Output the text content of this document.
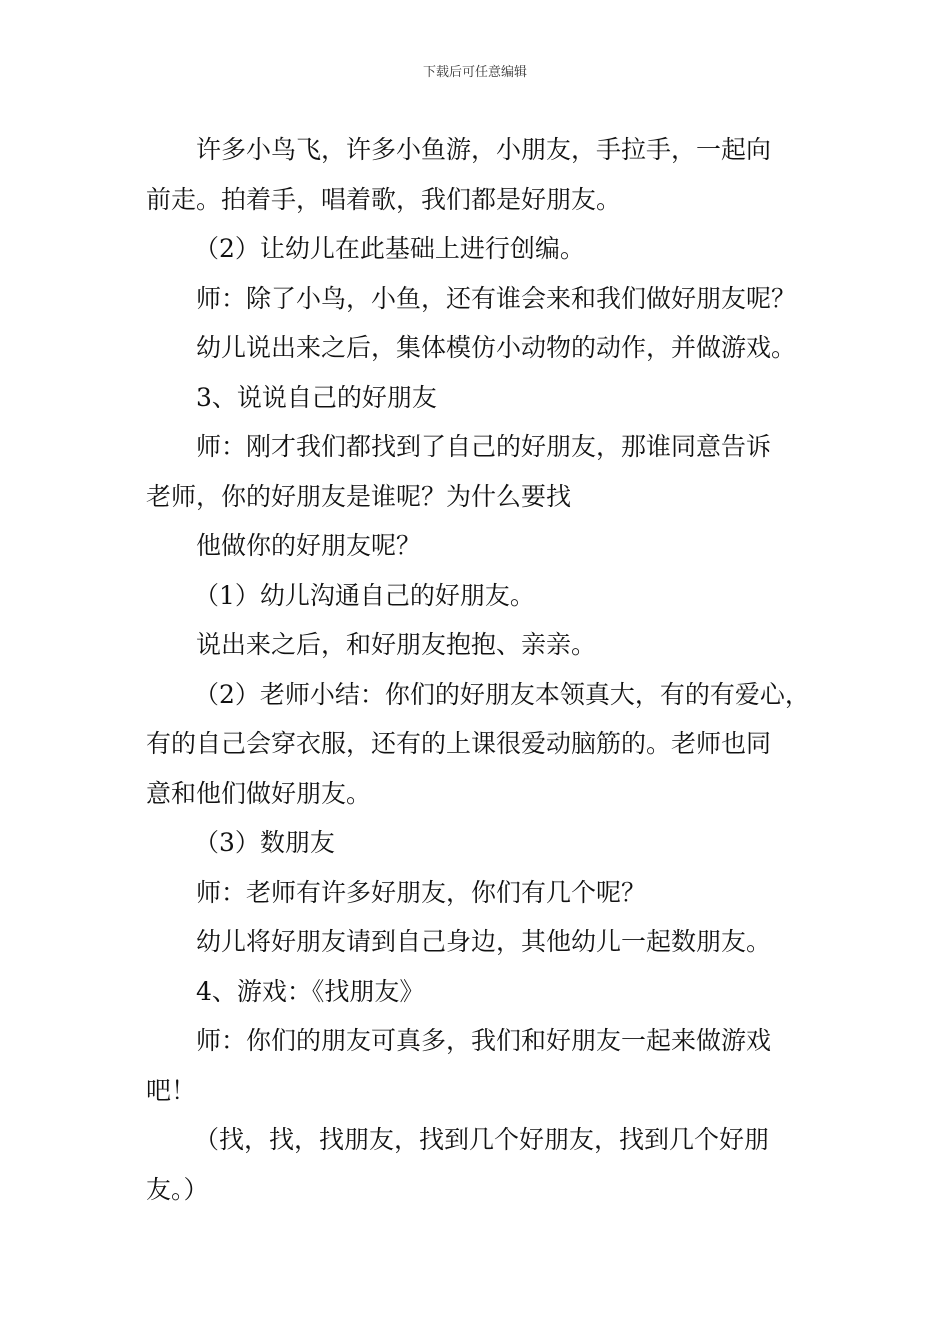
下载后可任意编辑

许多小鸟飞，许多小鱼游，小朋友，手拉手，一起向

前走。拍着手，唱着歌，我们都是好朋友。

（2）让幼儿在此基础上进行创编。

师：除了小鸟，小鱼，还有谁会来和我们做好朋友呢？

幼儿说出来之后，集体模仿小动物的动作，并做游戏。

3、说说自己的好朋友

师：刚才我们都找到了自己的好朋友，那谁同意告诉

老师，你的好朋友是谁呢？为什么要找

他做你的好朋友呢？

（1）幼儿沟通自己的好朋友。

说出来之后，和好朋友抱抱、亲亲。

（2）老师小结：你们的好朋友本领真大，有的有爱心，

有的自己会穿衣服，还有的上课很爱动脑筋的。老师也同

意和他们做好朋友。

（3）数朋友

师：老师有许多好朋友，你们有几个呢？

幼儿将好朋友请到自己身边，其他幼儿一起数朋友。

4、游戏：《找朋友》

师：你们的朋友可真多，我们和好朋友一起来做游戏

吧！

（找，找，找朋友，找到几个好朋友，找到几个好朋

友。）
